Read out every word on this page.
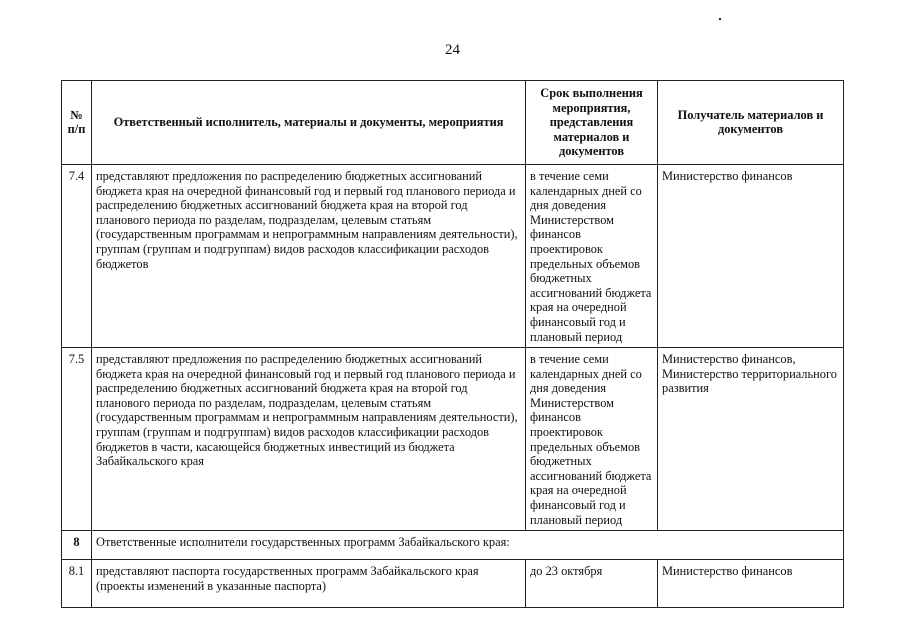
24
№ п/п	Ответственный исполнитель, материалы и документы, мероприятия	Срок выполнения мероприятия, представления материалов и документов	Получатель материалов и документов
7.4	представляют предложения по распределению бюджетных ассигнований бюджета края на очередной финансовый год и первый год планового периода и распределению бюджетных ассигнований бюджета края на второй год планового периода по разделам, подразделам, целевым статьям (государственным программам и непрограммным направлениям деятельности), группам (группам и подгруппам) видов расходов классификации расходов бюджетов	в течение семи календарных дней со дня доведения Министерством финансов проектировок предельных объемов бюджетных ассигнований бюджета края на очередной финансовый год и плановый период	Министерство финансов
7.5	представляют предложения по распределению бюджетных ассигнований бюджета края на очередной финансовый год и первый год планового периода и распределению бюджетных ассигнований бюджета края на второй год планового периода по разделам, подразделам, целевым статьям (государственным программам и непрограммным направлениям деятельности), группам (группам и подгруппам) видов расходов классификации расходов бюджетов в части, касающейся бюджетных инвестиций из бюджета Забайкальского края	в течение семи календарных дней со дня доведения Министерством финансов проектировок предельных объемов бюджетных ассигнований бюджета края на очередной финансовый год и плановый период	Министерство финансов, Министерство территориального развития
8	Ответственные исполнители государственных программ Забайкальского края:		
8.1	представляют паспорта государственных программ Забайкальского края (проекты изменений в указанные паспорта)	до 23 октября	Министерство финансов
